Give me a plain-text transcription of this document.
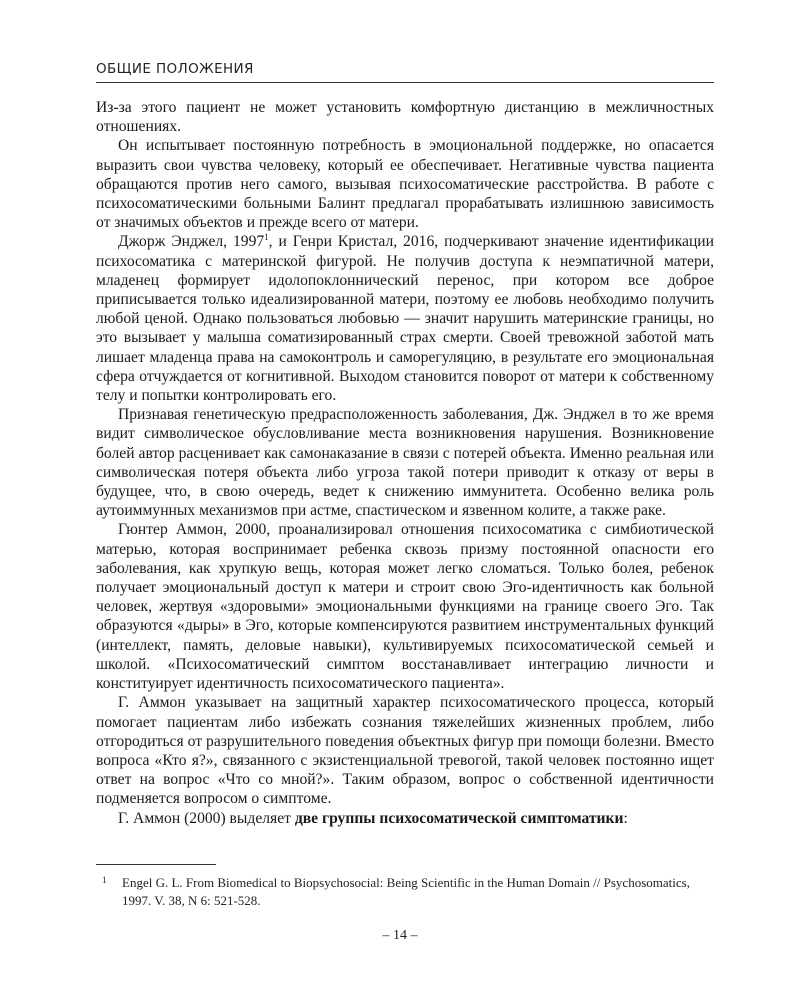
ОБЩИЕ ПОЛОЖЕНИЯ

Из-за этого пациент не может установить комфортную дистанцию в межличностных отношениях.

Он испытывает постоянную потребность в эмоциональной поддержке, но опасается выразить свои чувства человеку, который ее обеспечивает. Негативные чувства пациента обращаются против него самого, вызывая психосоматические расстройства. В работе с психосоматическими больными Балинт предлагал прорабатывать излишнюю зависимость от значимых объектов и прежде всего от матери.

Джорж Энджел, 1997$^1$, и Генри Кристал, 2016, подчеркивают значение идентификации психосоматика с материнской фигурой. Не получив доступа к неэмпатичной матери, младенец формирует идолопоклоннический перенос, при котором все доброе приписывается только идеализированной матери, поэтому ее любовь необходимо получить любой ценой. Однако пользоваться любовью — значит нарушить материнские границы, но это вызывает у малыша соматизированный страх смерти. Своей тревожной заботой мать лишает младенца права на самоконтроль и саморегуляцию, в результате его эмоциональная сфера отчуждается от когнитивной. Выходом становится поворот от матери к собственному телу и попытки контролировать его.

Признавая генетическую предрасположенность заболевания, Дж. Энджел в то же время видит символическое обусловливание места возникновения нарушения. Возникновение болей автор расценивает как самонаказание в связи с потерей объекта. Именно реальная или символическая потеря объекта либо угроза такой потери приводит к отказу от веры в будущее, что, в свою очередь, ведет к снижению иммунитета. Особенно велика роль аутоиммунных механизмов при астме, спастическом и язвенном колите, а также раке.

Гюнтер Аммон, 2000, проанализировал отношения психосоматика с симбиотической матерью, которая воспринимает ребенка сквозь призму постоянной опасности его заболевания, как хрупкую вещь, которая может легко сломаться. Только болея, ребенок получает эмоциональный доступ к матери и строит свою Эго-идентичность как больной человек, жертвуя «здоровыми» эмоциональными функциями на границе своего Эго. Так образуются «дыры» в Эго, которые компенсируются развитием инструментальных функций (интеллект, память, деловые навыки), культивируемых психосоматической семьей и школой. «Психосоматический симптом восстанавливает интеграцию личности и конституирует идентичность психосоматического пациента».

Г. Аммон указывает на защитный характер психосоматического процесса, который помогает пациентам либо избежать сознания тяжелейших жизненных проблем, либо отгородиться от разрушительного поведения объектных фигур при помощи болезни. Вместо вопроса «Кто я?», связанного с экзистенциальной тревогой, такой человек постоянно ищет ответ на вопрос «Что со мной?». Таким образом, вопрос о собственной идентичности подменяется вопросом о симптоме.

Г. Аммон (2000) выделяет две группы психосоматической симптоматики:

1	Engel G. L. From Biomedical to Biopsychosocial: Being Scientific in the Human Domain // Psychosomatics, 1997. V. 38, N 6: 521-528.
– 14 –
